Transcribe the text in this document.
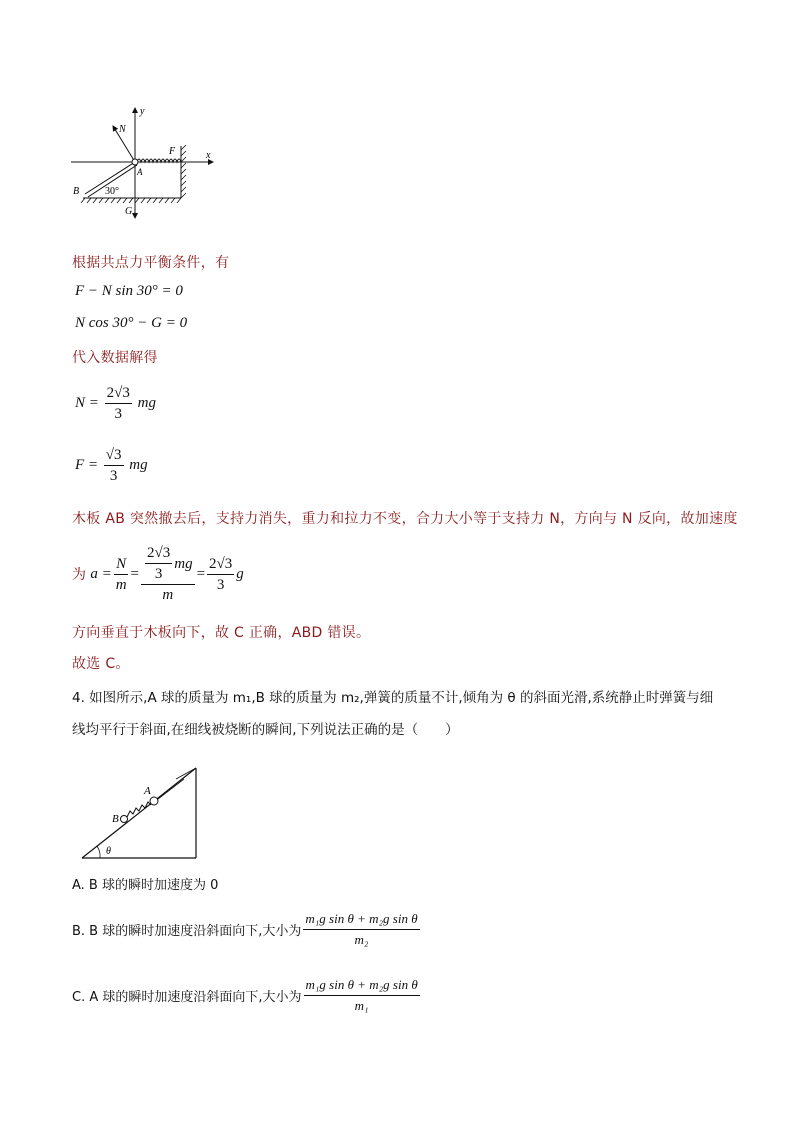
y
x
N
F
A
B
G
30°
根据共点力平衡条件，有
F − N sin 30° = 0
N cos 30° − G = 0
代入数据解得
$N = \frac{2√3}{3}$ mg
$F = \frac{√3}{3}$ mg
木板 AB 突然撤去后，支持力消失，重力和拉力不变，合力大小等于支持力 N，方向与 N 反向，故加速度
为 $a = \frac{N}{m} = \frac{\frac{2√3}{3} mg}{m} = \frac{2√3}{3}$ g
方向垂直于木板向下，故 C 正确，ABD 错误。
故选 C。
4. 如图所示,A 球的质量为 m₁,B 球的质量为 m₂,弹簧的质量不计,倾角为 θ 的斜面光滑,系统静止时弹簧与细
线均平行于斜面,在细线被烧断的瞬间,下列说法正确的是（　　）
A
B
θ
A. B 球的瞬时加速度为 0
B. B 球的瞬时加速度沿斜面向下,大小为 $\frac{\text{m₁g sin θ + m₂g sin θ}}{\text{m₂}}$
C. A 球的瞬时加速度沿斜面向下,大小为 $\frac{\text{m₁g sin θ + m₂g sin θ}}{\text{m₁}}$
